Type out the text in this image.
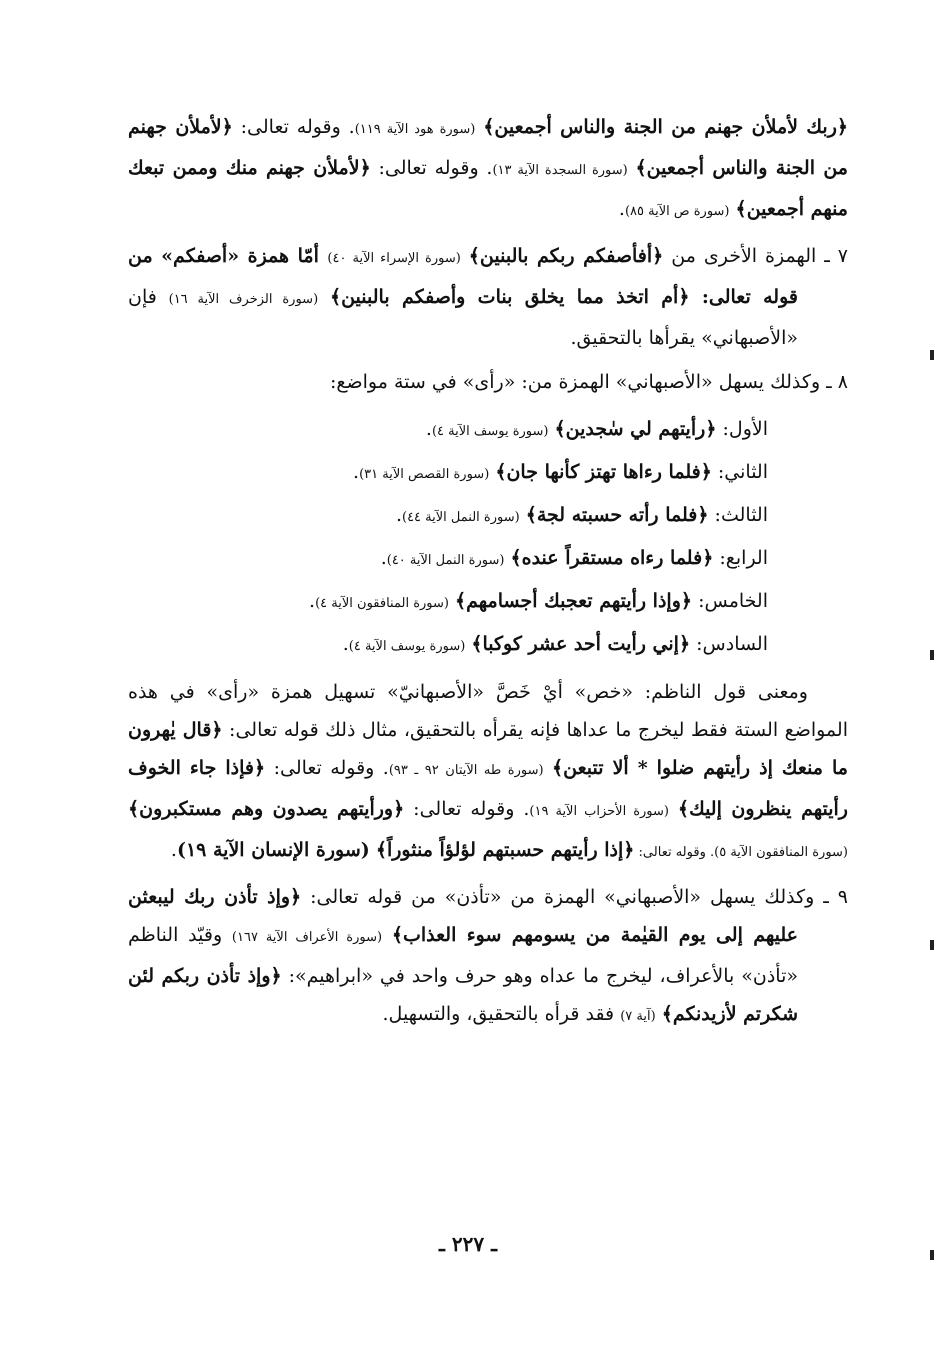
﴿ربك لأملأن جهنم من الجنة والناس أجمعين﴾ (سورة هود الآية ١١٩). وقوله تعالى: ﴿لأملأن جهنم من الجنة والناس أجمعين﴾ (سورة السجدة الآية ١٣). وقوله تعالى: ﴿لأملأن جهنم منك وممن تبعك منهم أجمعين﴾ (سورة ص الآية ٨٥).

٧ ـ الهمزة الأخرى من ﴿أفأصفكم ربكم بالبنين﴾ (سورة الإسراء الآية ٤٠) أمّا همزة «أصفكم» من قوله تعالى: ﴿أم اتخذ مما يخلق بنات وأصفكم بالبنين﴾ (سورة الزخرف الآية ١٦) فإن «الأصبهاني» يقرأها بالتحقيق.

٨ ـ وكذلك يسهل «الأصبهاني» الهمزة من: «رأى» في ستة مواضع:

الأول: ﴿رأيتهم لي سٰجدين﴾ (سورة يوسف الآية ٤).
الثاني: ﴿فلما رءاها تهتز كأنها جان﴾ (سورة القصص الآية ٣١).
الثالث: ﴿فلما رأته حسبته لجة﴾ (سورة النمل الآية ٤٤).
الرابع: ﴿فلما رءاه مستقراً عنده﴾ (سورة النمل الآية ٤٠).
الخامس: ﴿وإذا رأيتهم تعجبك أجسامهم﴾ (سورة المنافقون الآية ٤).
السادس: ﴿إني رأيت أحد عشر كوكبا﴾ (سورة يوسف الآية ٤).

ومعنى قول الناظم: «خص» أيْ خَصَّ «الأصبهانيّ» تسهيل همزة «رأى» في هذه المواضع الستة فقط ليخرج ما عداها فإنه يقرأه بالتحقيق، مثال ذلك قوله تعالى: ﴿قال يٰهرون ما منعك إذ رأيتهم ضلوا * ألا تتبعن﴾ (سورة طه الآيتان ٩٢ ـ ٩٣). وقوله تعالى: ﴿فإذا جاء الخوف رأيتهم ينظرون إليك﴾ (سورة الأحزاب الآية ١٩). وقوله تعالى: ﴿ورأيتهم يصدون وهم مستكبرون﴾ (سورة المنافقون الآية ٥). وقوله تعالى: ﴿إذا رأيتهم حسبتهم لؤلؤاً منثوراً﴾ (سورة الإنسان الآية ١٩).

٩ ـ وكذلك يسهل «الأصبهاني» الهمزة من «تأذن» من قوله تعالى: ﴿وإذ تأذن ربك ليبعثن عليهم إلى يوم القيٰمة من يسومهم سوء العذاب﴾ (سورة الأعراف الآية ١٦٧) وقيّد الناظم «تأذن» بالأعراف، ليخرج ما عداه وهو حرف واحد في «ابراهيم»: ﴿وإذ تأذن ربكم لئن شكرتم لأزيدنكم﴾ (آية ٧) فقد قرأه بالتحقيق، والتسهيل.

ـ ٢٢٧ ـ
